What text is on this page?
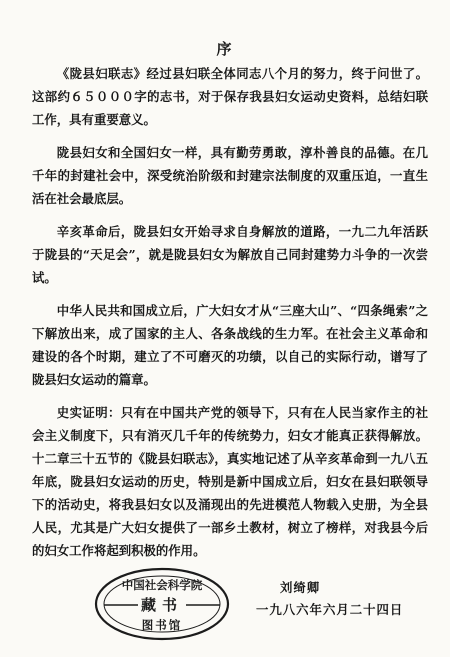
序

《陇县妇联志》经过县妇联全体同志八个月的努力，终于问世了。这部约６５０００字的志书，对于保存我县妇女运动史资料，总结妇联工作，具有重要意义。

陇县妇女和全国妇女一样，具有勤劳勇敢，淳朴善良的品德。在几千年的封建社会中，深受统治阶级和封建宗法制度的双重压迫，一直生活在社会最底层。

辛亥革命后，陇县妇女开始寻求自身解放的道路，一九二九年活跃于陇县的“天足会”，就是陇县妇女为解放自己同封建势力斗争的一次尝试。

中华人民共和国成立后，广大妇女才从“三座大山”、“四条绳索”之下解放出来，成了国家的主人、各条战线的生力军。在社会主义革命和建设的各个时期，建立了不可磨灭的功绩，以自己的实际行动，谱写了陇县妇女运动的篇章。

史实证明：只有在中国共产党的领导下，只有在人民当家作主的社会主义制度下，只有消灭几千年的传统势力，妇女才能真正获得解放。十二章三十五节的《陇县妇联志》，真实地记述了从辛亥革命到一九八五年底，陇县妇女运动的历史，特别是新中国成立后，妇女在县妇联领导下的活动史，将我县妇女以及涌现出的先进模范人物载入史册，为全县人民，尤其是广大妇女提供了一部乡土教材，树立了榜样，对我县今后的妇女工作将起到积极的作用。

刘绮卿
一九八六年六月二十四日
中国社会科学院
藏书
图书馆
